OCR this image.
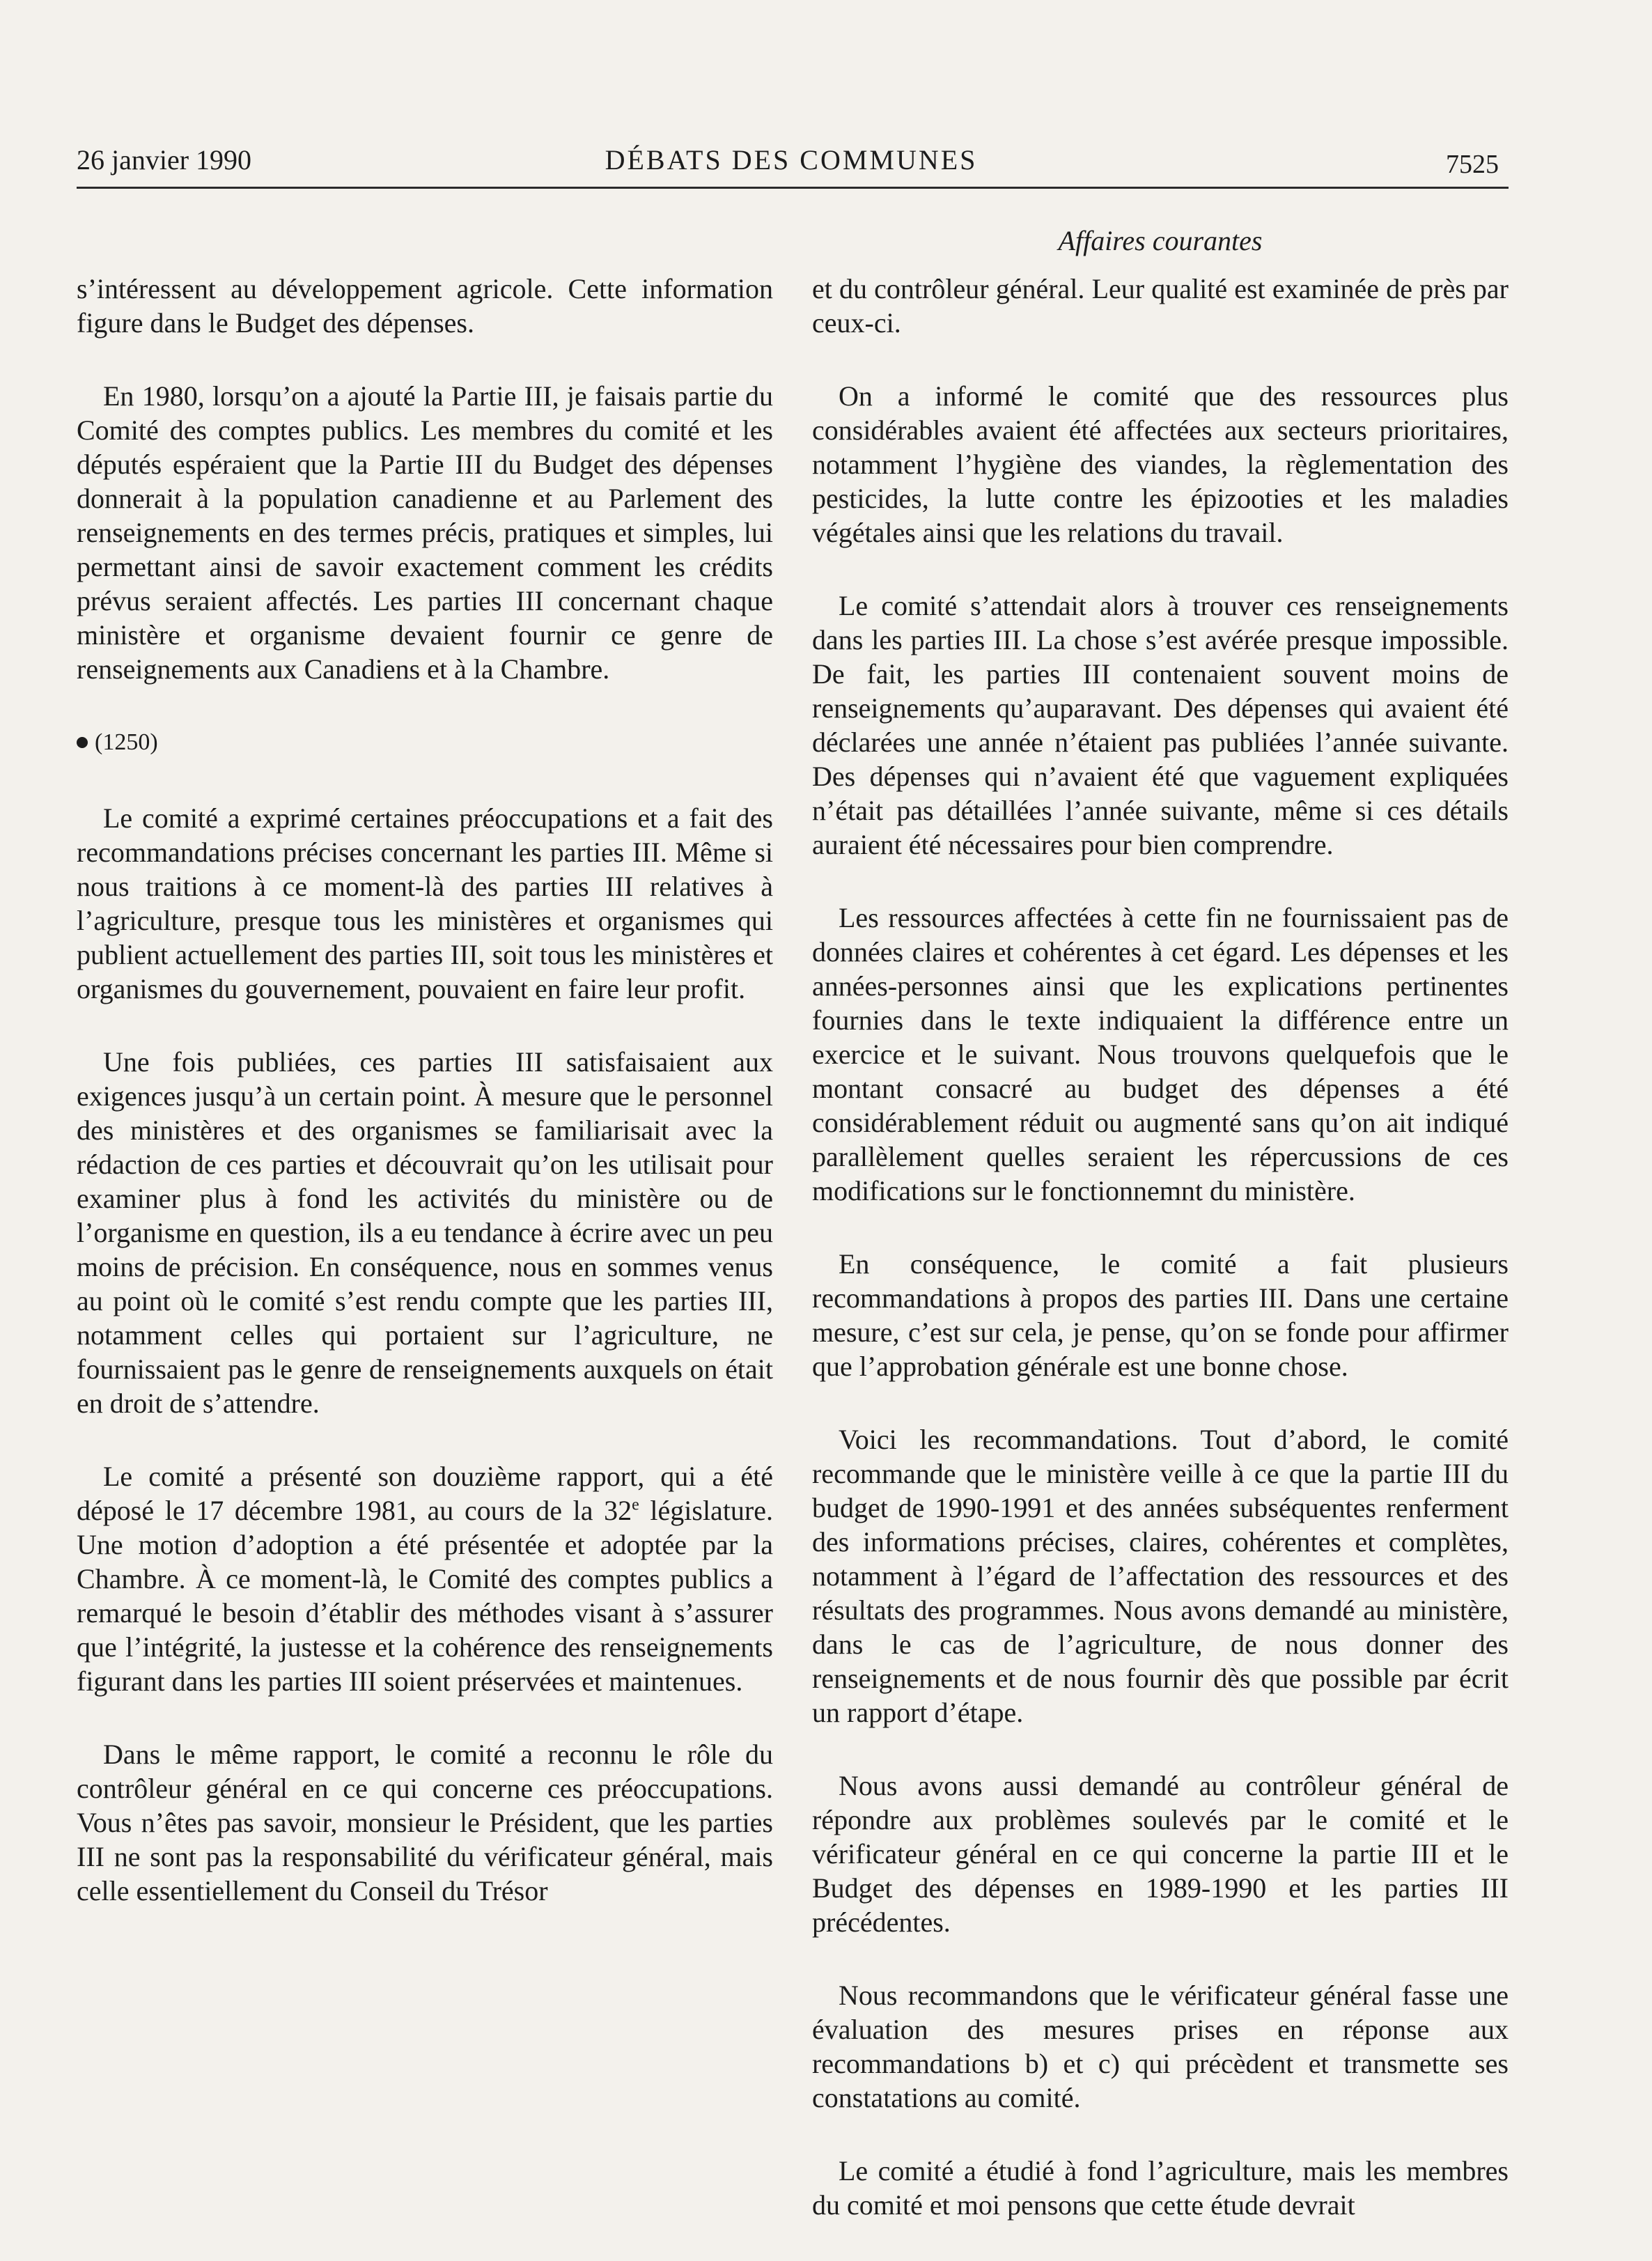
26 janvier 1990	DÉBATS DES COMMUNES	7525
Affaires courantes

s’intéressent au développement agricole. Cette information figure dans le Budget des dépenses.

En 1980, lorsqu’on a ajouté la Partie III, je faisais partie du Comité des comptes publics. Les membres du comité et les députés espéraient que la Partie III du Budget des dépenses donnerait à la population canadienne et au Parlement des renseignements en des termes précis, pratiques et simples, lui permettant ainsi de savoir exactement comment les crédits prévus seraient affectés. Les parties III concernant chaque ministère et organisme devaient fournir ce genre de renseignements aux Canadiens et à la Chambre.

(1250)

Le comité a exprimé certaines préoccupations et a fait des recommandations précises concernant les parties III. Même si nous traitions à ce moment-là des parties III relatives à l’agriculture, presque tous les ministères et organismes qui publient actuellement des parties III, soit tous les ministères et organismes du gouvernement, pouvaient en faire leur profit.

Une fois publiées, ces parties III satisfaisaient aux exigences jusqu’à un certain point. À mesure que le personnel des ministères et des organismes se familiarisait avec la rédaction de ces parties et découvrait qu’on les utilisait pour examiner plus à fond les activités du ministère ou de l’organisme en question, ils a eu tendance à écrire avec un peu moins de précision. En conséquence, nous en sommes venus au point où le comité s’est rendu compte que les parties III, notamment celles qui portaient sur l’agriculture, ne fournissaient pas le genre de renseignements auxquels on était en droit de s’attendre.

Le comité a présenté son douzième rapport, qui a été déposé le 17 décembre 1981, au cours de la 32e législature. Une motion d’adoption a été présentée et adoptée par la Chambre. À ce moment-là, le Comité des comptes publics a remarqué le besoin d’établir des méthodes visant à s’assurer que l’intégrité, la justesse et la cohérence des renseignements figurant dans les parties III soient préservées et maintenues.

Dans le même rapport, le comité a reconnu le rôle du contrôleur général en ce qui concerne ces préoccupations. Vous n’êtes pas savoir, monsieur le Président, que les parties III ne sont pas la responsabilité du vérificateur général, mais celle essentiellement du Conseil du Trésor

et du contrôleur général. Leur qualité est examinée de près par ceux-ci.

On a informé le comité que des ressources plus considérables avaient été affectées aux secteurs prioritaires, notamment l’hygiène des viandes, la règlementation des pesticides, la lutte contre les épizooties et les maladies végétales ainsi que les relations du travail.

Le comité s’attendait alors à trouver ces renseignements dans les parties III. La chose s’est avérée presque impossible. De fait, les parties III contenaient souvent moins de renseignements qu’auparavant. Des dépenses qui avaient été déclarées une année n’étaient pas publiées l’année suivante. Des dépenses qui n’avaient été que vaguement expliquées n’était pas détaillées l’année suivante, même si ces détails auraient été nécessaires pour bien comprendre.

Les ressources affectées à cette fin ne fournissaient pas de données claires et cohérentes à cet égard. Les dépenses et les années-personnes ainsi que les explications pertinentes fournies dans le texte indiquaient la différence entre un exercice et le suivant. Nous trouvons quelquefois que le montant consacré au budget des dépenses a été considérablement réduit ou augmenté sans qu’on ait indiqué parallèlement quelles seraient les répercussions de ces modifications sur le fonctionnemnt du ministère.

En conséquence, le comité a fait plusieurs recommandations à propos des parties III. Dans une certaine mesure, c’est sur cela, je pense, qu’on se fonde pour affirmer que l’approbation générale est une bonne chose.

Voici les recommandations. Tout d’abord, le comité recommande que le ministère veille à ce que la partie III du budget de 1990-1991 et des années subséquentes renferment des informations précises, claires, cohérentes et complètes, notamment à l’égard de l’affectation des ressources et des résultats des programmes. Nous avons demandé au ministère, dans le cas de l’agriculture, de nous donner des renseignements et de nous fournir dès que possible par écrit un rapport d’étape.

Nous avons aussi demandé au contrôleur général de répondre aux problèmes soulevés par le comité et le vérificateur général en ce qui concerne la partie III et le Budget des dépenses en 1989-1990 et les parties III précédentes.

Nous recommandons que le vérificateur général fasse une évaluation des mesures prises en réponse aux recommandations b) et c) qui précèdent et transmette ses constatations au comité.

Le comité a étudié à fond l’agriculture, mais les membres du comité et moi pensons que cette étude devrait
